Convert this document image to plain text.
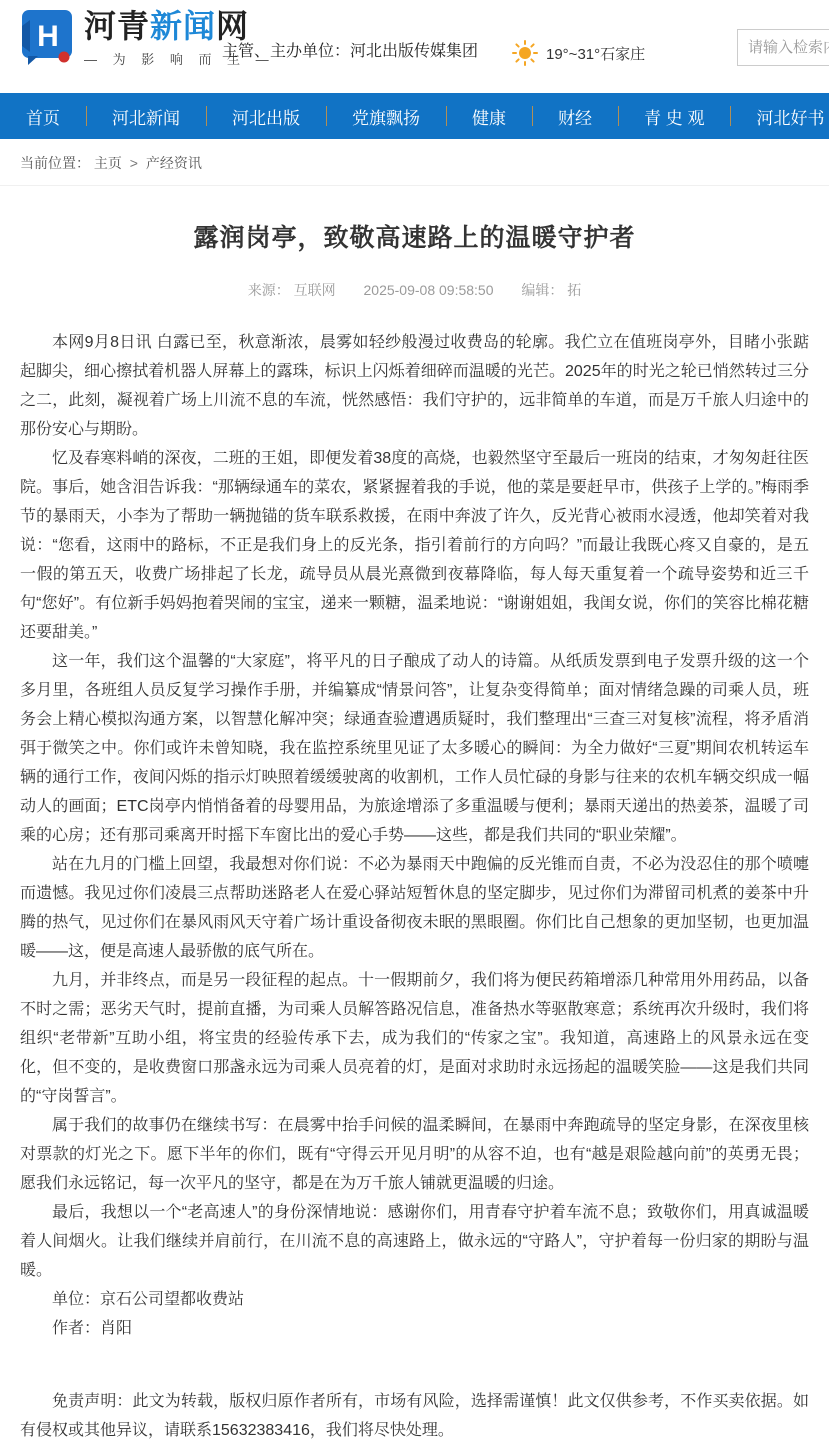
H 河青新闻网
— 为 影 响 而 生 —
主管、主办单位：河北出版传媒集团	19°~31°石家庄
请输入检索内容
首页	河北新闻	河北出版	党旗飘扬	健康	财经	青 史 观	河北好书
当前位置： 主页 > 产经资讯
露润岗亭，致敬高速路上的温暖守护者
来源： 互联网 2025-09-08 09:58:50 编辑： 拓

本网9月8日讯 白露已至，秋意渐浓，晨雾如轻纱般漫过收费岛的轮廓。我伫立在值班岗亭外，目睹小张踮起脚尖，细心擦拭着机器人屏幕上的露珠，标识上闪烁着细碎而温暖的光芒。2025年的时光之轮已悄然转过三分之二，此刻，凝视着广场上川流不息的车流，恍然感悟：我们守护的，远非简单的车道，而是万千旅人归途中的那份安心与期盼。

忆及春寒料峭的深夜，二班的王姐，即便发着38度的高烧，也毅然坚守至最后一班岗的结束，才匆匆赶往医院。事后，她含泪告诉我：“那辆绿通车的菜农，紧紧握着我的手说，他的菜是要赶早市，供孩子上学的。”梅雨季节的暴雨天，小李为了帮助一辆抛锚的货车联系救援，在雨中奔波了许久，反光背心被雨水浸透，他却笑着对我说：“您看，这雨中的路标，不正是我们身上的反光条，指引着前行的方向吗？”而最让我既心疼又自豪的，是五一假的第五天，收费广场排起了长龙，疏导员从晨光熹微到夜幕降临，每人每天重复着一个疏导姿势和近三千句“您好”。有位新手妈妈抱着哭闹的宝宝，递来一颗糖，温柔地说：“谢谢姐姐，我闺女说，你们的笑容比棉花糖还要甜美。”

这一年，我们这个温馨的“大家庭”，将平凡的日子酿成了动人的诗篇。从纸质发票到电子发票升级的这一个多月里，各班组人员反复学习操作手册，并编纂成“情景问答”，让复杂变得简单；面对情绪急躁的司乘人员，班务会上精心模拟沟通方案，以智慧化解冲突；绿通查验遭遇质疑时，我们整理出“三查三对复核”流程，将矛盾消弭于微笑之中。你们或许未曾知晓，我在监控系统里见证了太多暖心的瞬间：为全力做好“三夏”期间农机转运车辆的通行工作，夜间闪烁的指示灯映照着缓缓驶离的收割机，工作人员忙碌的身影与往来的农机车辆交织成一幅动人的画面；ETC岗亭内悄悄备着的母婴用品，为旅途增添了多重温暖与便利；暴雨天递出的热姜茶，温暖了司乘的心房；还有那司乘离开时摇下车窗比出的爱心手势——这些，都是我们共同的“职业荣耀”。

站在九月的门槛上回望，我最想对你们说：不必为暴雨天中跑偏的反光锥而自责，不必为没忍住的那个喷嚏而遗憾。我见过你们凌晨三点帮助迷路老人在爱心驿站短暂休息的坚定脚步，见过你们为滞留司机煮的姜茶中升腾的热气，见过你们在暴风雨风天守着广场计重设备彻夜未眠的黑眼圈。你们比自己想象的更加坚韧，也更加温暖——这，便是高速人最骄傲的底气所在。

九月，并非终点，而是另一段征程的起点。十一假期前夕，我们将为便民药箱增添几种常用外用药品，以备不时之需；恶劣天气时，提前直播，为司乘人员解答路况信息，准备热水等驱散寒意；系统再次升级时，我们将组织“老带新”互助小组，将宝贵的经验传承下去，成为我们的“传家之宝”。我知道，高速路上的风景永远在变化，但不变的，是收费窗口那盏永远为司乘人员亮着的灯，是面对求助时永远扬起的温暖笑脸——这是我们共同的“守岗誓言”。

属于我们的故事仍在继续书写：在晨雾中抬手问候的温柔瞬间，在暴雨中奔跑疏导的坚定身影，在深夜里核对票款的灯光之下。愿下半年的你们，既有“守得云开见月明”的从容不迫，也有“越是艰险越向前”的英勇无畏；愿我们永远铭记，每一次平凡的坚守，都是在为万千旅人铺就更温暖的归途。

最后，我想以一个“老高速人”的身份深情地说：感谢你们，用青春守护着车流不息；致敬你们，用真诚温暖着人间烟火。让我们继续并肩前行，在川流不息的高速路上，做永远的“守路人”，守护着每一份归家的期盼与温暖。

单位：京石公司望都收费站

作者：肖阳

免责声明：此文为转载，版权归原作者所有，市场有风险，选择需谨慎！此文仅供参考，不作买卖依据。如有侵权或其他异议，请联系15632383416，我们将尽快处理。
